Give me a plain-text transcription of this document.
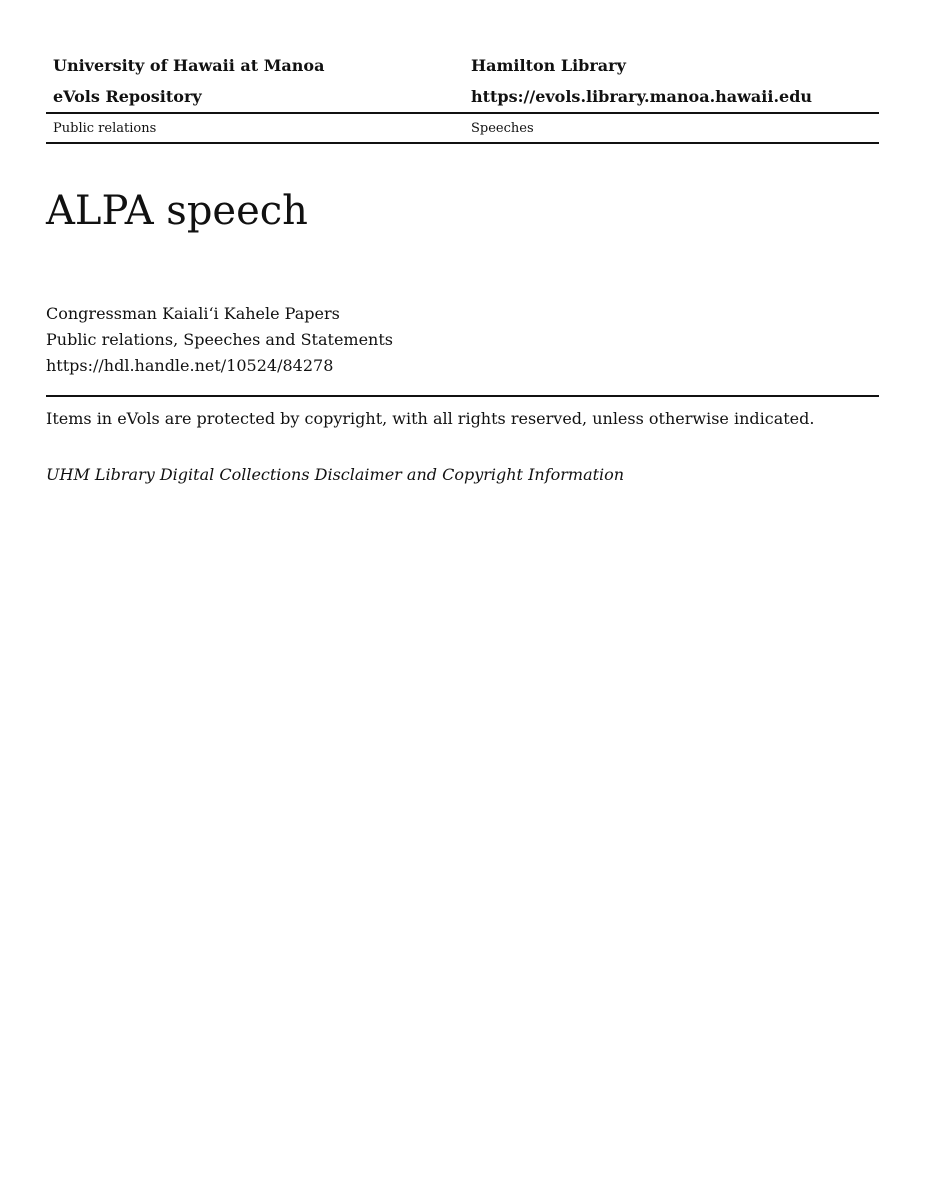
University of Hawaii at Manoa	Hamilton Library
eVols Repository	https://evols.library.manoa.hawaii.edu
Public relations	Speeches
ALPA speech
Congressman Kaialiʻi Kahele Papers
Public relations, Speeches and Statements
https://hdl.handle.net/10524/84278
Items in eVols are protected by copyright, with all rights reserved, unless otherwise indicated.
UHM Library Digital Collections Disclaimer and Copyright Information
